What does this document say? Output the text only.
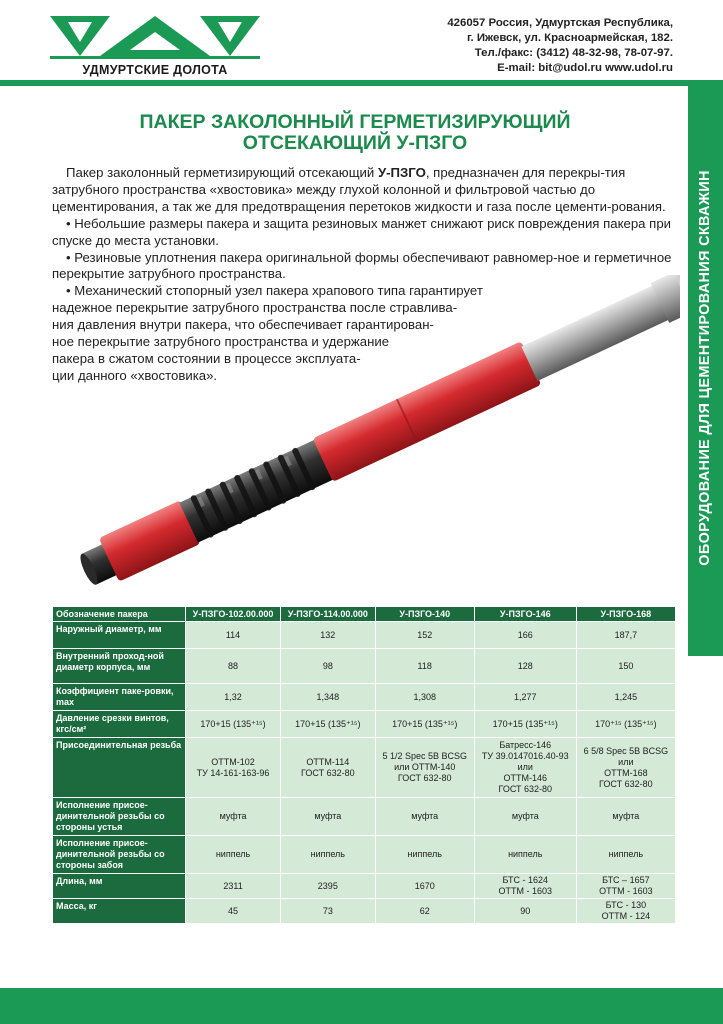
УДМУРТСКИЕ ДОЛОТА
426057 Россия, Удмуртская Республика,
г. Ижевск, ул. Красноармейская, 182.
Тел./факс: (3412) 48-32-98, 78-07-97.
E-mail: bit@udol.ru www.udol.ru
ОБОРУДОВАНИЕ ДЛЯ ЦЕМЕНТИРОВАНИЯ СКВАЖИН
ПАКЕР ЗАКОЛОННЫЙ ГЕРМЕТИЗИРУЮЩИЙ
ОТСЕКАЮЩИЙ У-ПЗГО

Пакер заколонный герметизирующий отсекающий У-ПЗГО, предназначен для перекры-тия затрубного пространства «хвостовика» между глухой колонной и фильтровой частью до цементирования, а так же для предотвращения перетоков жидкости и газа после цементи-рования.

• Небольшие размеры пакера и защита резиновых манжет снижают риск повреждения пакера при спуске до места установки.

• Резиновые уплотнения пакера оригинальной формы обеспечивают равномер-ное и герметичное перекрытие затрубного пространства.

• Механический стопорный узел пакера храпового типа гарантирует
надежное перекрытие затрубного пространства после стравлива-
ния давления внутри пакера, что обеспечивает гарантирован-
ное перекрытие затрубного пространства и удержание
пакера в сжатом состоянии в процессе эксплуата-
ции данного «хвостовика».
Обозначение пакера	У-ПЗГО-102.00.000	У-ПЗГО-114.00.000	У-ПЗГО-140	У-ПЗГО-146	У-ПЗГО-168
Наружный диаметр, мм	114	132	152	166	187,7
Внутренний проход-ной диаметр корпуса, мм	88	98	118	128	150
Коэффициент паке-ровки, max	1,32	1,348	1,308	1,277	1,245
Давление срезки винтов, кгс/см²	170+15 (135⁺¹⁵)	170+15 (135⁺¹⁵)	170+15 (135⁺¹⁵)	170+15 (135⁺¹⁵)	170⁺¹⁵ (135⁺¹⁵)
Присоединительная резьба	ОТТМ-102
ТУ 14-161-163-96	ОТТМ-114
ГОСТ 632-80	5 1/2 Spec 5B BCSG
или ОТТМ-140
ГОСТ 632-80	Батресс-146
ТУ 39.0147016.40-93
или
ОТТМ-146
ГОСТ 632-80	6 5/8 Spec 5B BCSG
или
ОТТМ-168
ГОСТ 632-80
Исполнение присое-динительной резьбы со стороны устья	муфта	муфта	муфта	муфта	муфта
Исполнение присое-динительной резьбы со стороны забоя	ниппель	ниппель	ниппель	ниппель	ниппель
Длина, мм	2311	2395	1670	БТС - 1624
ОТТМ - 1603	БТС – 1657
ОТТМ - 1603
Масса, кг	45	73	62	90	БТС - 130
ОТТМ - 124
